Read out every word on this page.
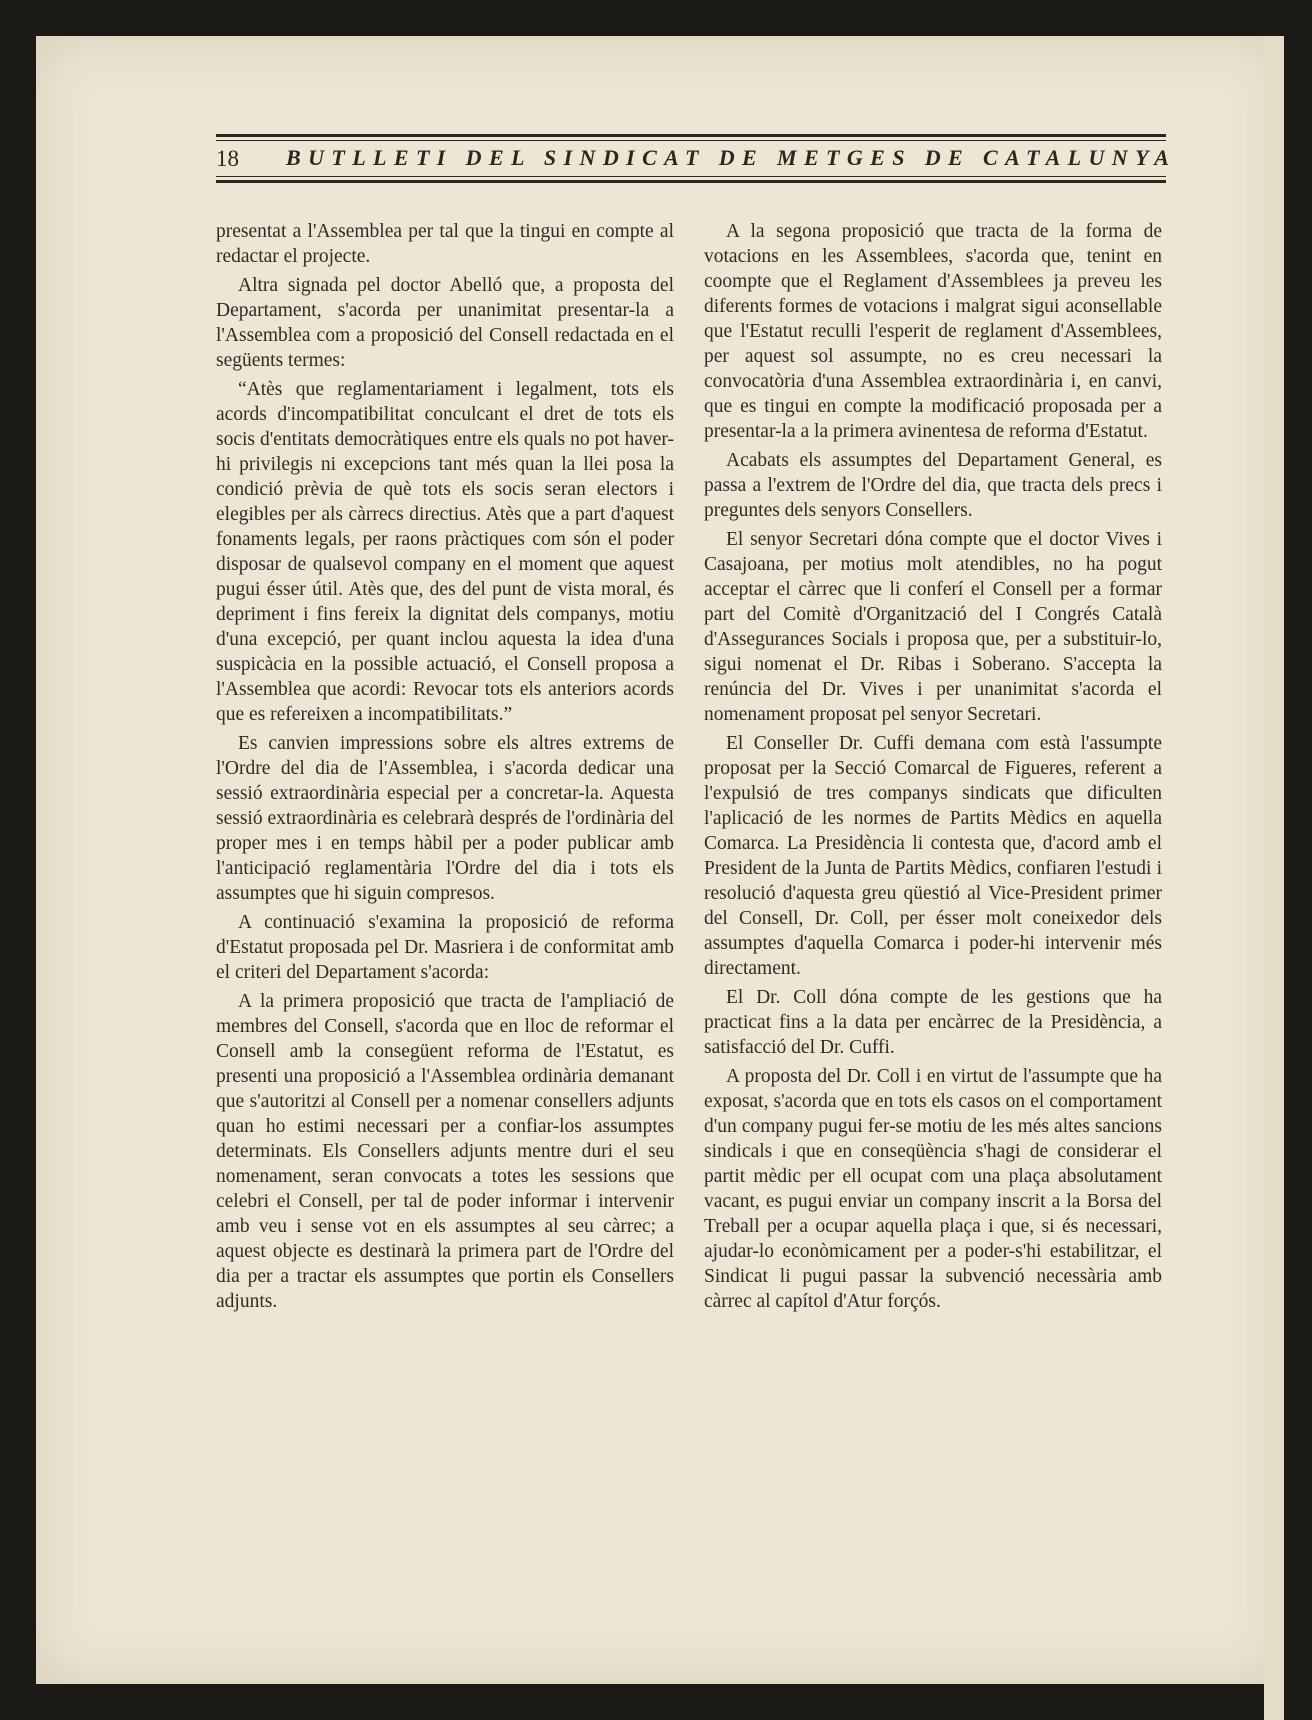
18 BUTLLETI DEL SINDICAT DE METGES DE CATALUNYA

presentat a l'Assemblea per tal que la tingui en compte al redactar el projecte.

Altra signada pel doctor Abelló que, a proposta del Departament, s'acorda per unanimitat presentar-la a l'Assemblea com a proposició del Consell redactada en el següents termes:

“Atès que reglamentariament i legalment, tots els acords d'incompatibilitat conculcant el dret de tots els socis d'entitats democràtiques entre els quals no pot haver-hi privilegis ni excepcions tant més quan la llei posa la condició prèvia de què tots els socis seran electors i elegibles per als càrrecs directius. Atès que a part d'aquest fonaments legals, per raons pràctiques com són el poder disposar de qualsevol company en el moment que aquest pugui ésser útil. Atès que, des del punt de vista moral, és depriment i fins fereix la dignitat dels companys, motiu d'una excepció, per quant inclou aquesta la idea d'una suspicàcia en la possible actuació, el Consell proposa a l'Assemblea que acordi: Revocar tots els anteriors acords que es refereixen a incompatibilitats.”

Es canvien impressions sobre els altres extrems de l'Ordre del dia de l'Assemblea, i s'acorda dedicar una sessió extraordinària especial per a concretar-la. Aquesta sessió extraordinària es celebrarà després de l'ordinària del proper mes i en temps hàbil per a poder publicar amb l'anticipació reglamentària l'Ordre del dia i tots els assumptes que hi siguin compresos.

A continuació s'examina la proposició de reforma d'Estatut proposada pel Dr. Masriera i de conformitat amb el criteri del Departament s'acorda:

A la primera proposició que tracta de l'ampliació de membres del Consell, s'acorda que en lloc de reformar el Consell amb la consegüent reforma de l'Estatut, es presenti una proposició a l'Assemblea ordinària demanant que s'autoritzi al Consell per a nomenar consellers adjunts quan ho estimi necessari per a confiar-los assumptes determinats. Els Consellers adjunts mentre duri el seu nomenament, seran convocats a totes les sessions que celebri el Consell, per tal de poder informar i intervenir amb veu i sense vot en els assumptes al seu càrrec; a aquest objecte es destinarà la primera part de l'Ordre del dia per a tractar els assumptes que portin els Consellers adjunts.

A la segona proposició que tracta de la forma de votacions en les Assemblees, s'acorda que, tenint en coompte que el Reglament d'Assemblees ja preveu les diferents formes de votacions i malgrat sigui aconsellable que l'Estatut reculli l'esperit de reglament d'Assemblees, per aquest sol assumpte, no es creu necessari la convocatòria d'una Assemblea extraordinària i, en canvi, que es tingui en compte la modificació proposada per a presentar-la a la primera avinentesa de reforma d'Estatut.

Acabats els assumptes del Departament General, es passa a l'extrem de l'Ordre del dia, que tracta dels precs i preguntes dels senyors Consellers.

El senyor Secretari dóna compte que el doctor Vives i Casajoana, per motius molt atendibles, no ha pogut acceptar el càrrec que li conferí el Consell per a formar part del Comitè d'Organització del I Congrés Català d'Assegurances Socials i proposa que, per a substituir-lo, sigui nomenat el Dr. Ribas i Soberano. S'accepta la renúncia del Dr. Vives i per unanimitat s'acorda el nomenament proposat pel senyor Secretari.

El Conseller Dr. Cuffi demana com està l'assumpte proposat per la Secció Comarcal de Figueres, referent a l'expulsió de tres companys sindicats que dificulten l'aplicació de les normes de Partits Mèdics en aquella Comarca. La Presidència li contesta que, d'acord amb el President de la Junta de Partits Mèdics, confiaren l'estudi i resolució d'aquesta greu qüestió al Vice-President primer del Consell, Dr. Coll, per ésser molt coneixedor dels assumptes d'aquella Comarca i poder-hi intervenir més directament.

El Dr. Coll dóna compte de les gestions que ha practicat fins a la data per encàrrec de la Presidència, a satisfacció del Dr. Cuffi.

A proposta del Dr. Coll i en virtut de l'assumpte que ha exposat, s'acorda que en tots els casos on el comportament d'un company pugui fer-se motiu de les més altes sancions sindicals i que en conseqüència s'hagi de considerar el partit mèdic per ell ocupat com una plaça absolutament vacant, es pugui enviar un company inscrit a la Borsa del Treball per a ocupar aquella plaça i que, si és necessari, ajudar-lo econòmicament per a poder-s'hi estabilitzar, el Sindicat li pugui passar la subvenció necessària amb càrrec al capítol d'Atur forçós.
